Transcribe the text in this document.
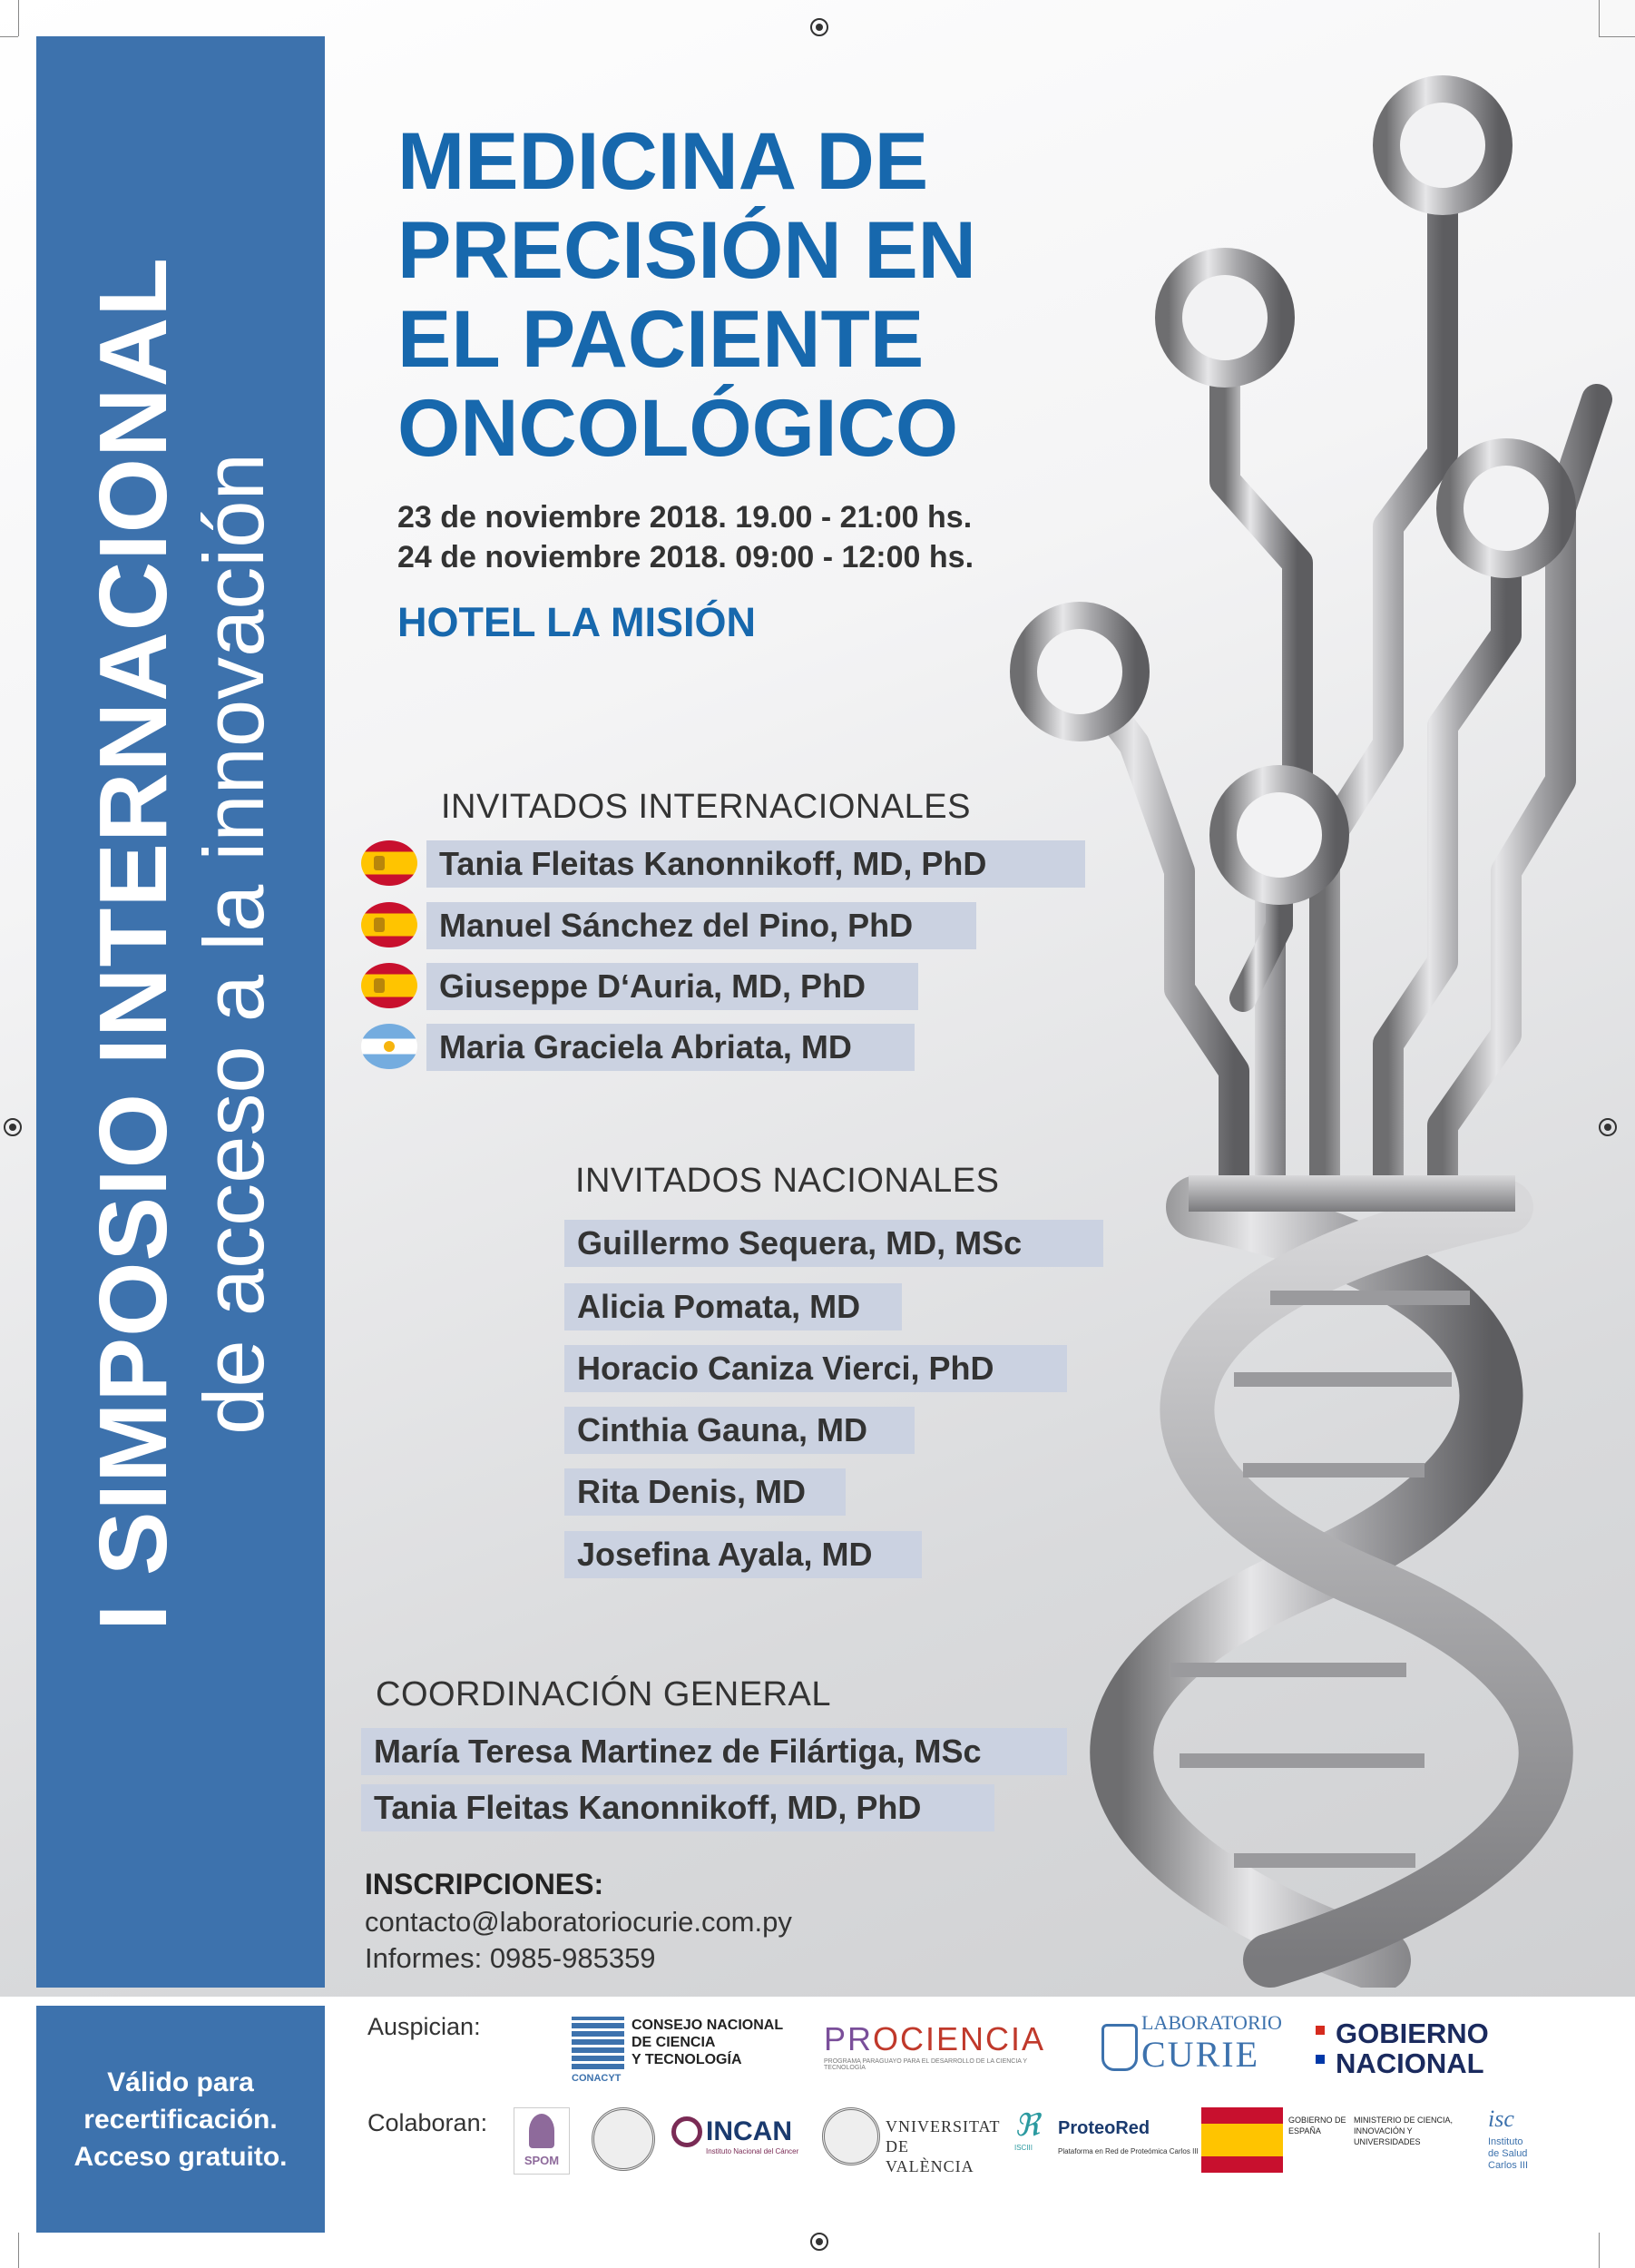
I SIMPOSIO INTERNACIONAL de acceso a la innovación
Válido para
recertificación.
Acceso gratuito.
MEDICINA DE
PRECISIÓN EN
EL PACIENTE
ONCOLÓGICO
23 de noviembre 2018. 19.00 - 21:00 hs.
24 de noviembre 2018. 09:00 - 12:00 hs.
HOTEL LA MISIÓN
INVITADOS INTERNACIONALES
Tania Fleitas Kanonnikoff, MD, PhD
Manuel Sánchez del Pino, PhD
Giuseppe D‘Auria, MD, PhD
Maria Graciela Abriata, MD
INVITADOS NACIONALES
Guillermo Sequera, MD, MSc
Alicia Pomata, MD
Horacio Caniza Vierci, PhD
Cinthia Gauna, MD
Rita Denis, MD
Josefina Ayala, MD
COORDINACIÓN GENERAL
María Teresa Martinez de Filártiga, MSc
Tania Fleitas Kanonnikoff, MD, PhD
INSCRIPCIONES:
contacto@laboratoriocurie.com.py
Informes: 0985-985359
Auspician:	CONSEJO NACIONAL
DE CIENCIA
Y TECNOLOGÍA
CONACYT
PROCIENCIA
PROGRAMA PARAGUAYO PARA EL DESARROLLO DE LA CIENCIA Y TECNOLOGÍA
LABORATORIO
CURIE
GOBIERNO
NACIONAL
Colaboran:
SPOM
INCAN
Instituto Nacional del Cáncer
VNIVERSITAT
DE VALÈNCIA
ℜ
ISCIII
ProteoRed
Plataforma en Red de Proteómica Carlos III
GOBIERNO DE ESPAÑA
MINISTERIO DE CIENCIA, INNOVACIÓN Y UNIVERSIDADES
isc
Instituto
de Salud
Carlos III
